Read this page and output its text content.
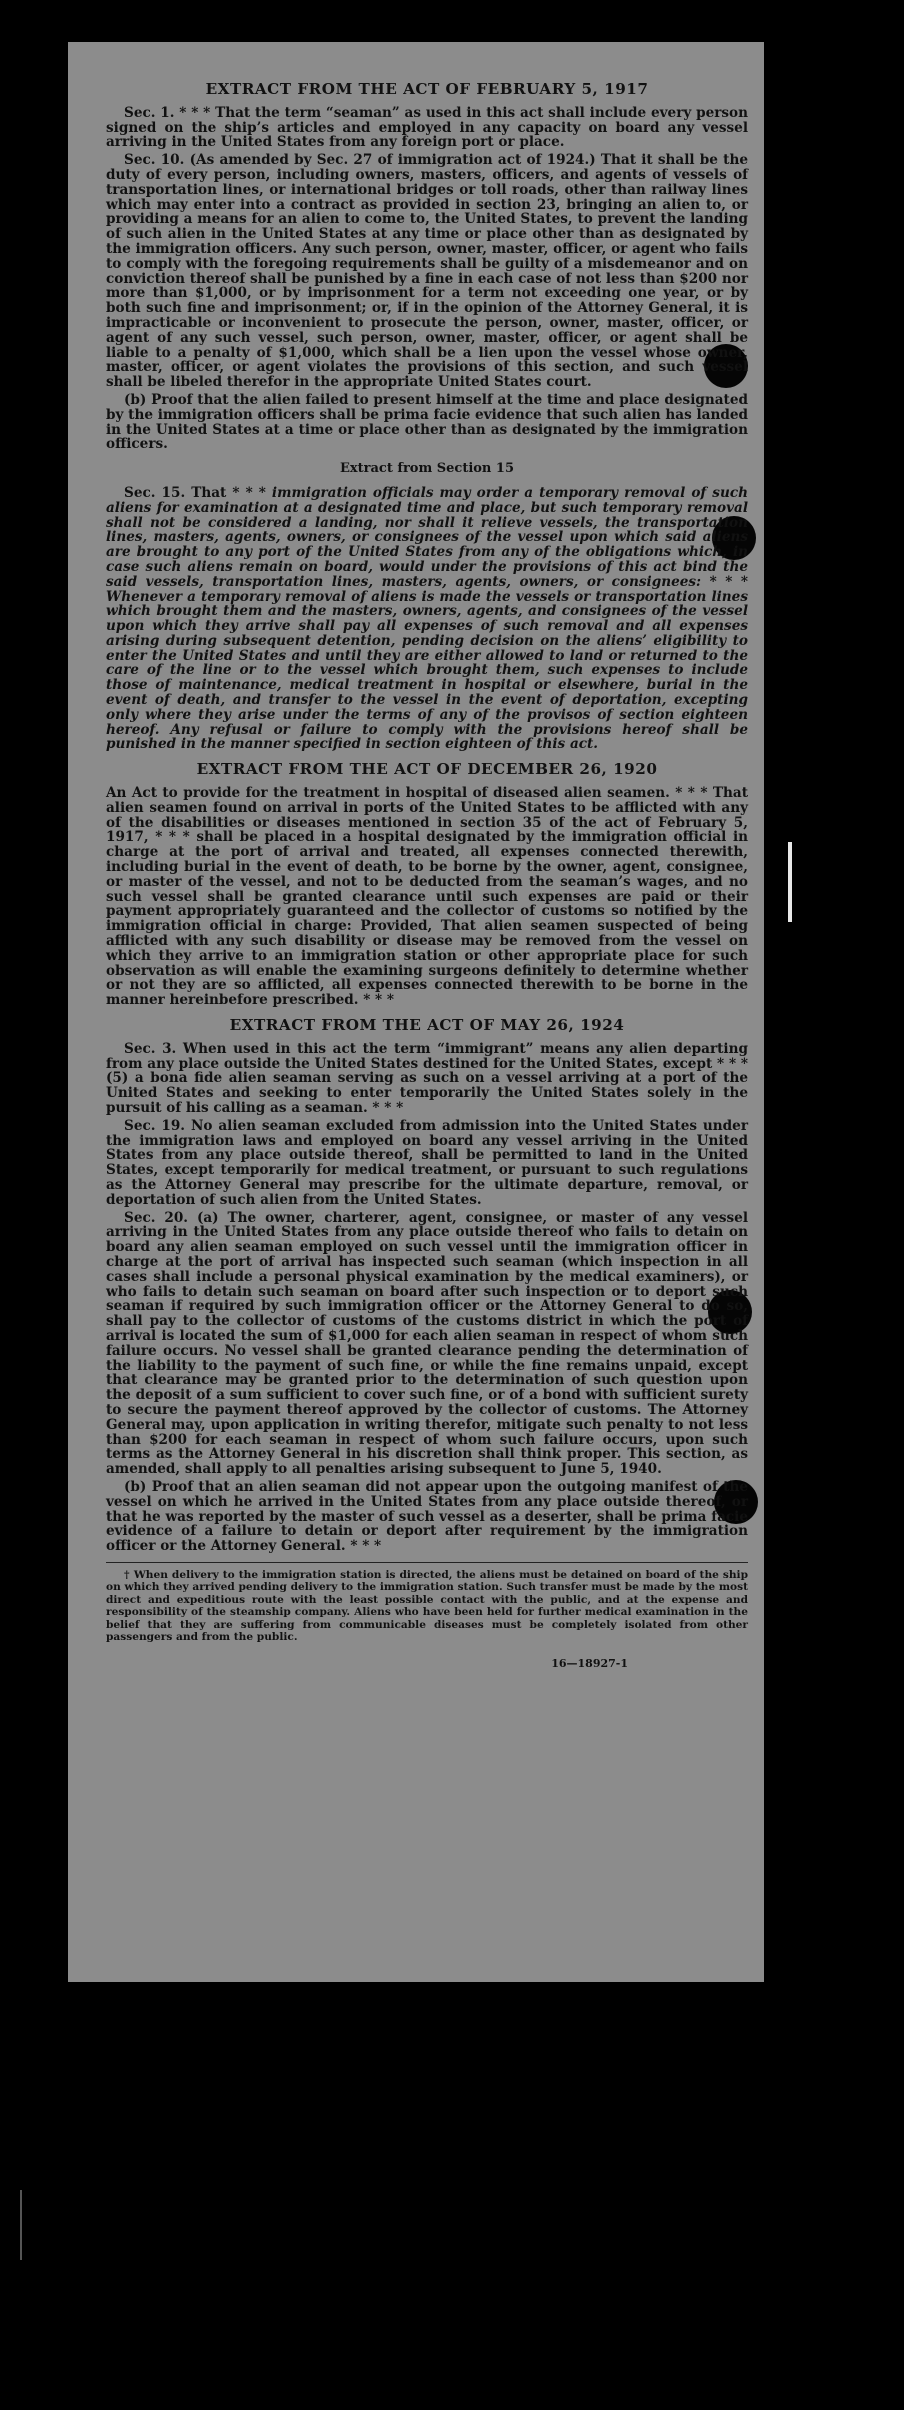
EXTRACT FROM THE ACT OF FEBRUARY 5, 1917

Sec. 1. * * * That the term “seaman” as used in this act shall include every person signed on the ship’s articles and employed in any capacity on board any vessel arriving in the United States from any foreign port or place.

Sec. 10. (As amended by Sec. 27 of immigration act of 1924.) That it shall be the duty of every person, including owners, masters, officers, and agents of vessels of transportation lines, or international bridges or toll roads, other than railway lines which may enter into a contract as provided in section 23, bringing an alien to, or providing a means for an alien to come to, the United States, to prevent the landing of such alien in the United States at any time or place other than as designated by the immigration officers. Any such person, owner, master, officer, or agent who fails to comply with the foregoing requirements shall be guilty of a misdemeanor and on conviction thereof shall be punished by a fine in each case of not less than $200 nor more than $1,000, or by imprisonment for a term not exceeding one year, or by both such fine and imprisonment; or, if in the opinion of the Attorney General, it is impracticable or inconvenient to prosecute the person, owner, master, officer, or agent of any such vessel, such person, owner, master, officer, or agent shall be liable to a penalty of $1,000, which shall be a lien upon the vessel whose owner, master, officer, or agent violates the provisions of this section, and such vessel shall be libeled therefor in the appropriate United States court.

(b) Proof that the alien failed to present himself at the time and place designated by the immigration officers shall be prima facie evidence that such alien has landed in the United States at a time or place other than as designated by the immigration officers.

Extract from Section 15

Sec. 15. That * * * immigration officials may order a temporary removal of such aliens for examination at a designated time and place, but such temporary removal shall not be considered a landing, nor shall it relieve vessels, the transportation lines, masters, agents, owners, or consignees of the vessel upon which said aliens are brought to any port of the United States from any of the obligations which, in case such aliens remain on board, would under the provisions of this act bind the said vessels, transportation lines, masters, agents, owners, or consignees: * * * Whenever a temporary removal of aliens is made the vessels or transportation lines which brought them and the masters, owners, agents, and consignees of the vessel upon which they arrive shall pay all expenses of such removal and all expenses arising during subsequent detention, pending decision on the aliens’ eligibility to enter the United States and until they are either allowed to land or returned to the care of the line or to the vessel which brought them, such expenses to include those of maintenance, medical treatment in hospital or elsewhere, burial in the event of death, and transfer to the vessel in the event of deportation, excepting only where they arise under the terms of any of the provisos of section eighteen hereof. Any refusal or failure to comply with the provisions hereof shall be punished in the manner specified in section eighteen of this act.

EXTRACT FROM THE ACT OF DECEMBER 26, 1920

An Act to provide for the treatment in hospital of diseased alien seamen. * * * That alien seamen found on arrival in ports of the United States to be afflicted with any of the disabilities or diseases mentioned in section 35 of the act of February 5, 1917, * * * shall be placed in a hospital designated by the immigration official in charge at the port of arrival and treated, all expenses connected therewith, including burial in the event of death, to be borne by the owner, agent, consignee, or master of the vessel, and not to be deducted from the seaman’s wages, and no such vessel shall be granted clearance until such expenses are paid or their payment appropriately guaranteed and the collector of customs so notified by the immigration official in charge: Provided, That alien seamen suspected of being afflicted with any such disability or disease may be removed from the vessel on which they arrive to an immigration station or other appropriate place for such observation as will enable the examining surgeons definitely to determine whether or not they are so afflicted, all expenses connected therewith to be borne in the manner hereinbefore prescribed. * * *

EXTRACT FROM THE ACT OF MAY 26, 1924

Sec. 3. When used in this act the term “immigrant” means any alien departing from any place outside the United States destined for the United States, except * * * (5) a bona fide alien seaman serving as such on a vessel arriving at a port of the United States and seeking to enter temporarily the United States solely in the pursuit of his calling as a seaman. * * *

Sec. 19. No alien seaman excluded from admission into the United States under the immigration laws and employed on board any vessel arriving in the United States from any place outside thereof, shall be permitted to land in the United States, except temporarily for medical treatment, or pursuant to such regulations as the Attorney General may prescribe for the ultimate departure, removal, or deportation of such alien from the United States.

Sec. 20. (a) The owner, charterer, agent, consignee, or master of any vessel arriving in the United States from any place outside thereof who fails to detain on board any alien seaman employed on such vessel until the immigration officer in charge at the port of arrival has inspected such seaman (which inspection in all cases shall include a personal physical examination by the medical examiners), or who fails to detain such seaman on board after such inspection or to deport such seaman if required by such immigration officer or the Attorney General to do so, shall pay to the collector of customs of the customs district in which the port of arrival is located the sum of $1,000 for each alien seaman in respect of whom such failure occurs. No vessel shall be granted clearance pending the determination of the liability to the payment of such fine, or while the fine remains unpaid, except that clearance may be granted prior to the determination of such question upon the deposit of a sum sufficient to cover such fine, or of a bond with sufficient surety to secure the payment thereof approved by the collector of customs. The Attorney General may, upon application in writing therefor, mitigate such penalty to not less than $200 for each seaman in respect of whom such failure occurs, upon such terms as the Attorney General in his discretion shall think proper. This section, as amended, shall apply to all penalties arising subsequent to June 5, 1940.

(b) Proof that an alien seaman did not appear upon the outgoing manifest of the vessel on which he arrived in the United States from any place outside thereof, or that he was reported by the master of such vessel as a deserter, shall be prima facie evidence of a failure to detain or deport after requirement by the immigration officer or the Attorney General. * * *

† When delivery to the immigration station is directed, the aliens must be detained on board of the ship on which they arrived pending delivery to the immigration station. Such transfer must be made by the most direct and expeditious route with the least possible contact with the public, and at the expense and responsibility of the steamship company. Aliens who have been held for further medical examination in the belief that they are suffering from communicable diseases must be completely isolated from other passengers and from the public.

16—18927-1
